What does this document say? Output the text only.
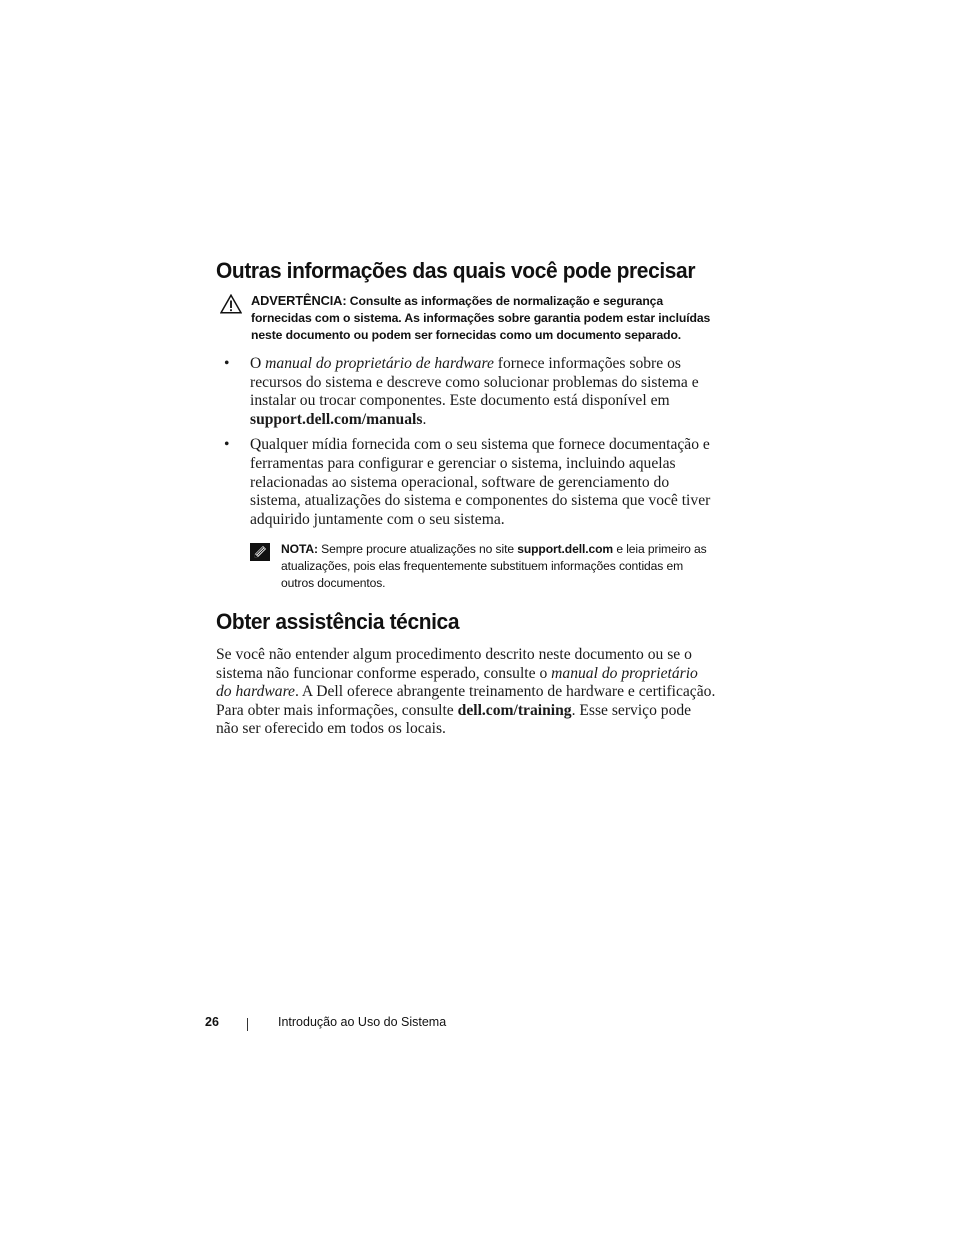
Outras informações das quais você pode precisar
ADVERTÊNCIA: Consulte as informações de normalização e segurança fornecidas com o sistema. As informações sobre garantia podem estar incluídas neste documento ou podem ser fornecidas como um documento separado.
• O manual do proprietário de hardware fornece informações sobre os recursos do sistema e descreve como solucionar problemas do sistema e instalar ou trocar componentes. Este documento está disponível em support.dell.com/manuals.
• Qualquer mídia fornecida com o seu sistema que fornece documentação e ferramentas para configurar e gerenciar o sistema, incluindo aquelas relacionadas ao sistema operacional, software de gerenciamento do sistema, atualizações do sistema e componentes do sistema que você tiver adquirido juntamente com o seu sistema.
NOTA: Sempre procure atualizações no site support.dell.com e leia primeiro as atualizações, pois elas frequentemente substituem informações contidas em outros documentos.
Obter assistência técnica
Se você não entender algum procedimento descrito neste documento ou se o sistema não funcionar conforme esperado, consulte o manual do proprietário do hardware. A Dell oferece abrangente treinamento de hardware e certificação. Para obter mais informações, consulte dell.com/training. Esse serviço pode não ser oferecido em todos os locais.
26	Introdução ao Uso do Sistema
